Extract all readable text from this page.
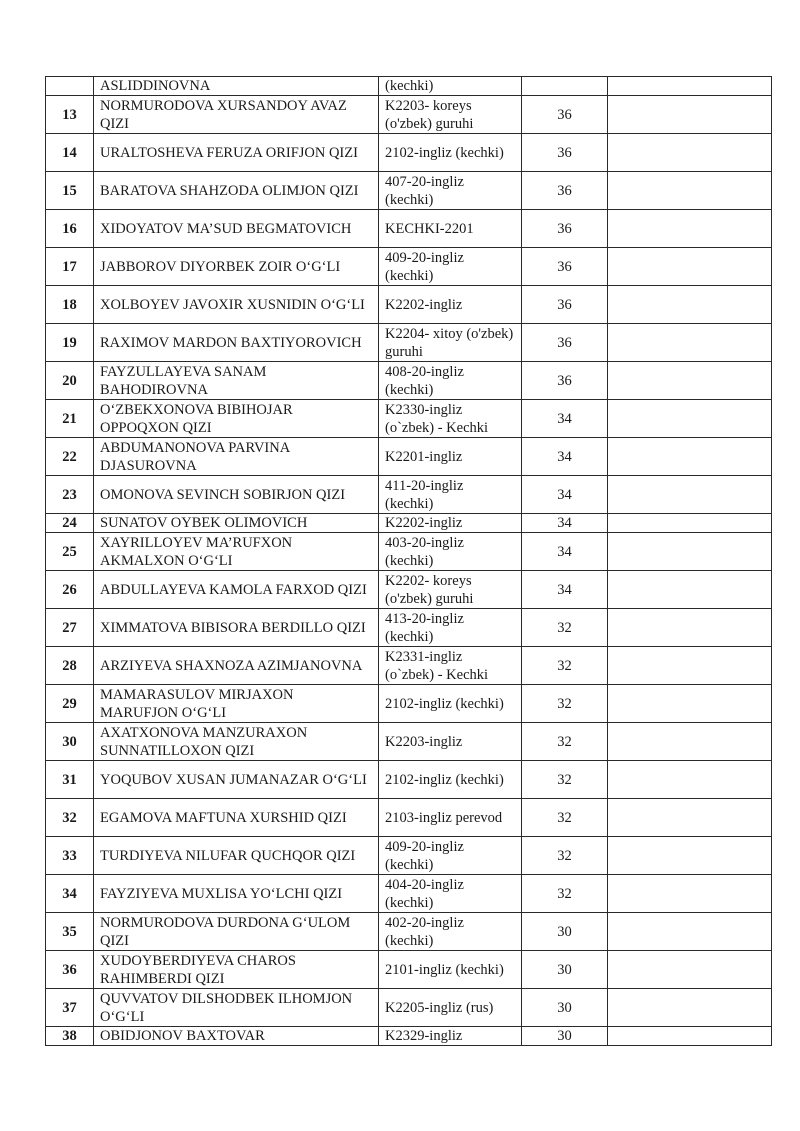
	ASLIDDINOVNA	(kechki)		
13	NORMURODOVA XURSANDOY AVAZ QIZI	K2203- koreys (o'zbek) guruhi	36	
14	URALTOSHEVA FERUZA ORIFJON QIZI	2102-ingliz (kechki)	36	
15	BARATOVA SHAHZODA OLIMJON QIZI	407-20-ingliz (kechki)	36	
16	XIDOYATOV MA’SUD BEGMATOVICH	KECHKI-2201	36	
17	JABBOROV DIYORBEK ZOIR O‘G‘LI	409-20-ingliz (kechki)	36	
18	XOLBOYEV JAVOXIR XUSNIDIN O‘G‘LI	K2202-ingliz	36	
19	RAXIMOV MARDON BAXTIYOROVICH	K2204- xitoy (o'zbek) guruhi	36	
20	FAYZULLAYEVA SANAM BAHODIROVNA	408-20-ingliz (kechki)	36	
21	O‘ZBEKXONOVA BIBIHOJAR OPPOQXON QIZI	K2330-ingliz (o`zbek) - Kechki	34	
22	ABDUMANONOVA PARVINA DJASUROVNA	K2201-ingliz	34	
23	OMONOVA SEVINCH SOBIRJON QIZI	411-20-ingliz (kechki)	34	
24	SUNATOV OYBEK OLIMOVICH	K2202-ingliz	34	
25	XAYRILLOYEV MA’RUFXON AKMALXON O‘G‘LI	403-20-ingliz (kechki)	34	
26	ABDULLAYEVA KAMOLA FARXOD QIZI	K2202- koreys (o'zbek) guruhi	34	
27	XIMMATOVA BIBISORA BERDILLO QIZI	413-20-ingliz (kechki)	32	
28	ARZIYEVA SHAXNOZA AZIMJANOVNA	K2331-ingliz (o`zbek) - Kechki	32	
29	MAMARASULOV MIRJAXON MARUFJON O‘G‘LI	2102-ingliz (kechki)	32	
30	AXATXONOVA MANZURAXON SUNNATILLOXON QIZI	K2203-ingliz	32	
31	YOQUBOV XUSAN JUMANAZAR O‘G‘LI	2102-ingliz (kechki)	32	
32	EGAMOVA MAFTUNA XURSHID QIZI	2103-ingliz perevod	32	
33	TURDIYEVA NILUFAR QUCHQOR QIZI	409-20-ingliz (kechki)	32	
34	FAYZIYEVA MUXLISA YO‘LCHI QIZI	404-20-ingliz (kechki)	32	
35	NORMURODOVA DURDONA G‘ULOM QIZI	402-20-ingliz (kechki)	30	
36	XUDOYBERDIYEVA CHAROS RAHIMBERDI QIZI	2101-ingliz (kechki)	30	
37	QUVVATOV DILSHODBEK ILHOMJON O‘G‘LI	K2205-ingliz (rus)	30	
38	OBIDJONOV BAXTOVAR	K2329-ingliz	30	
